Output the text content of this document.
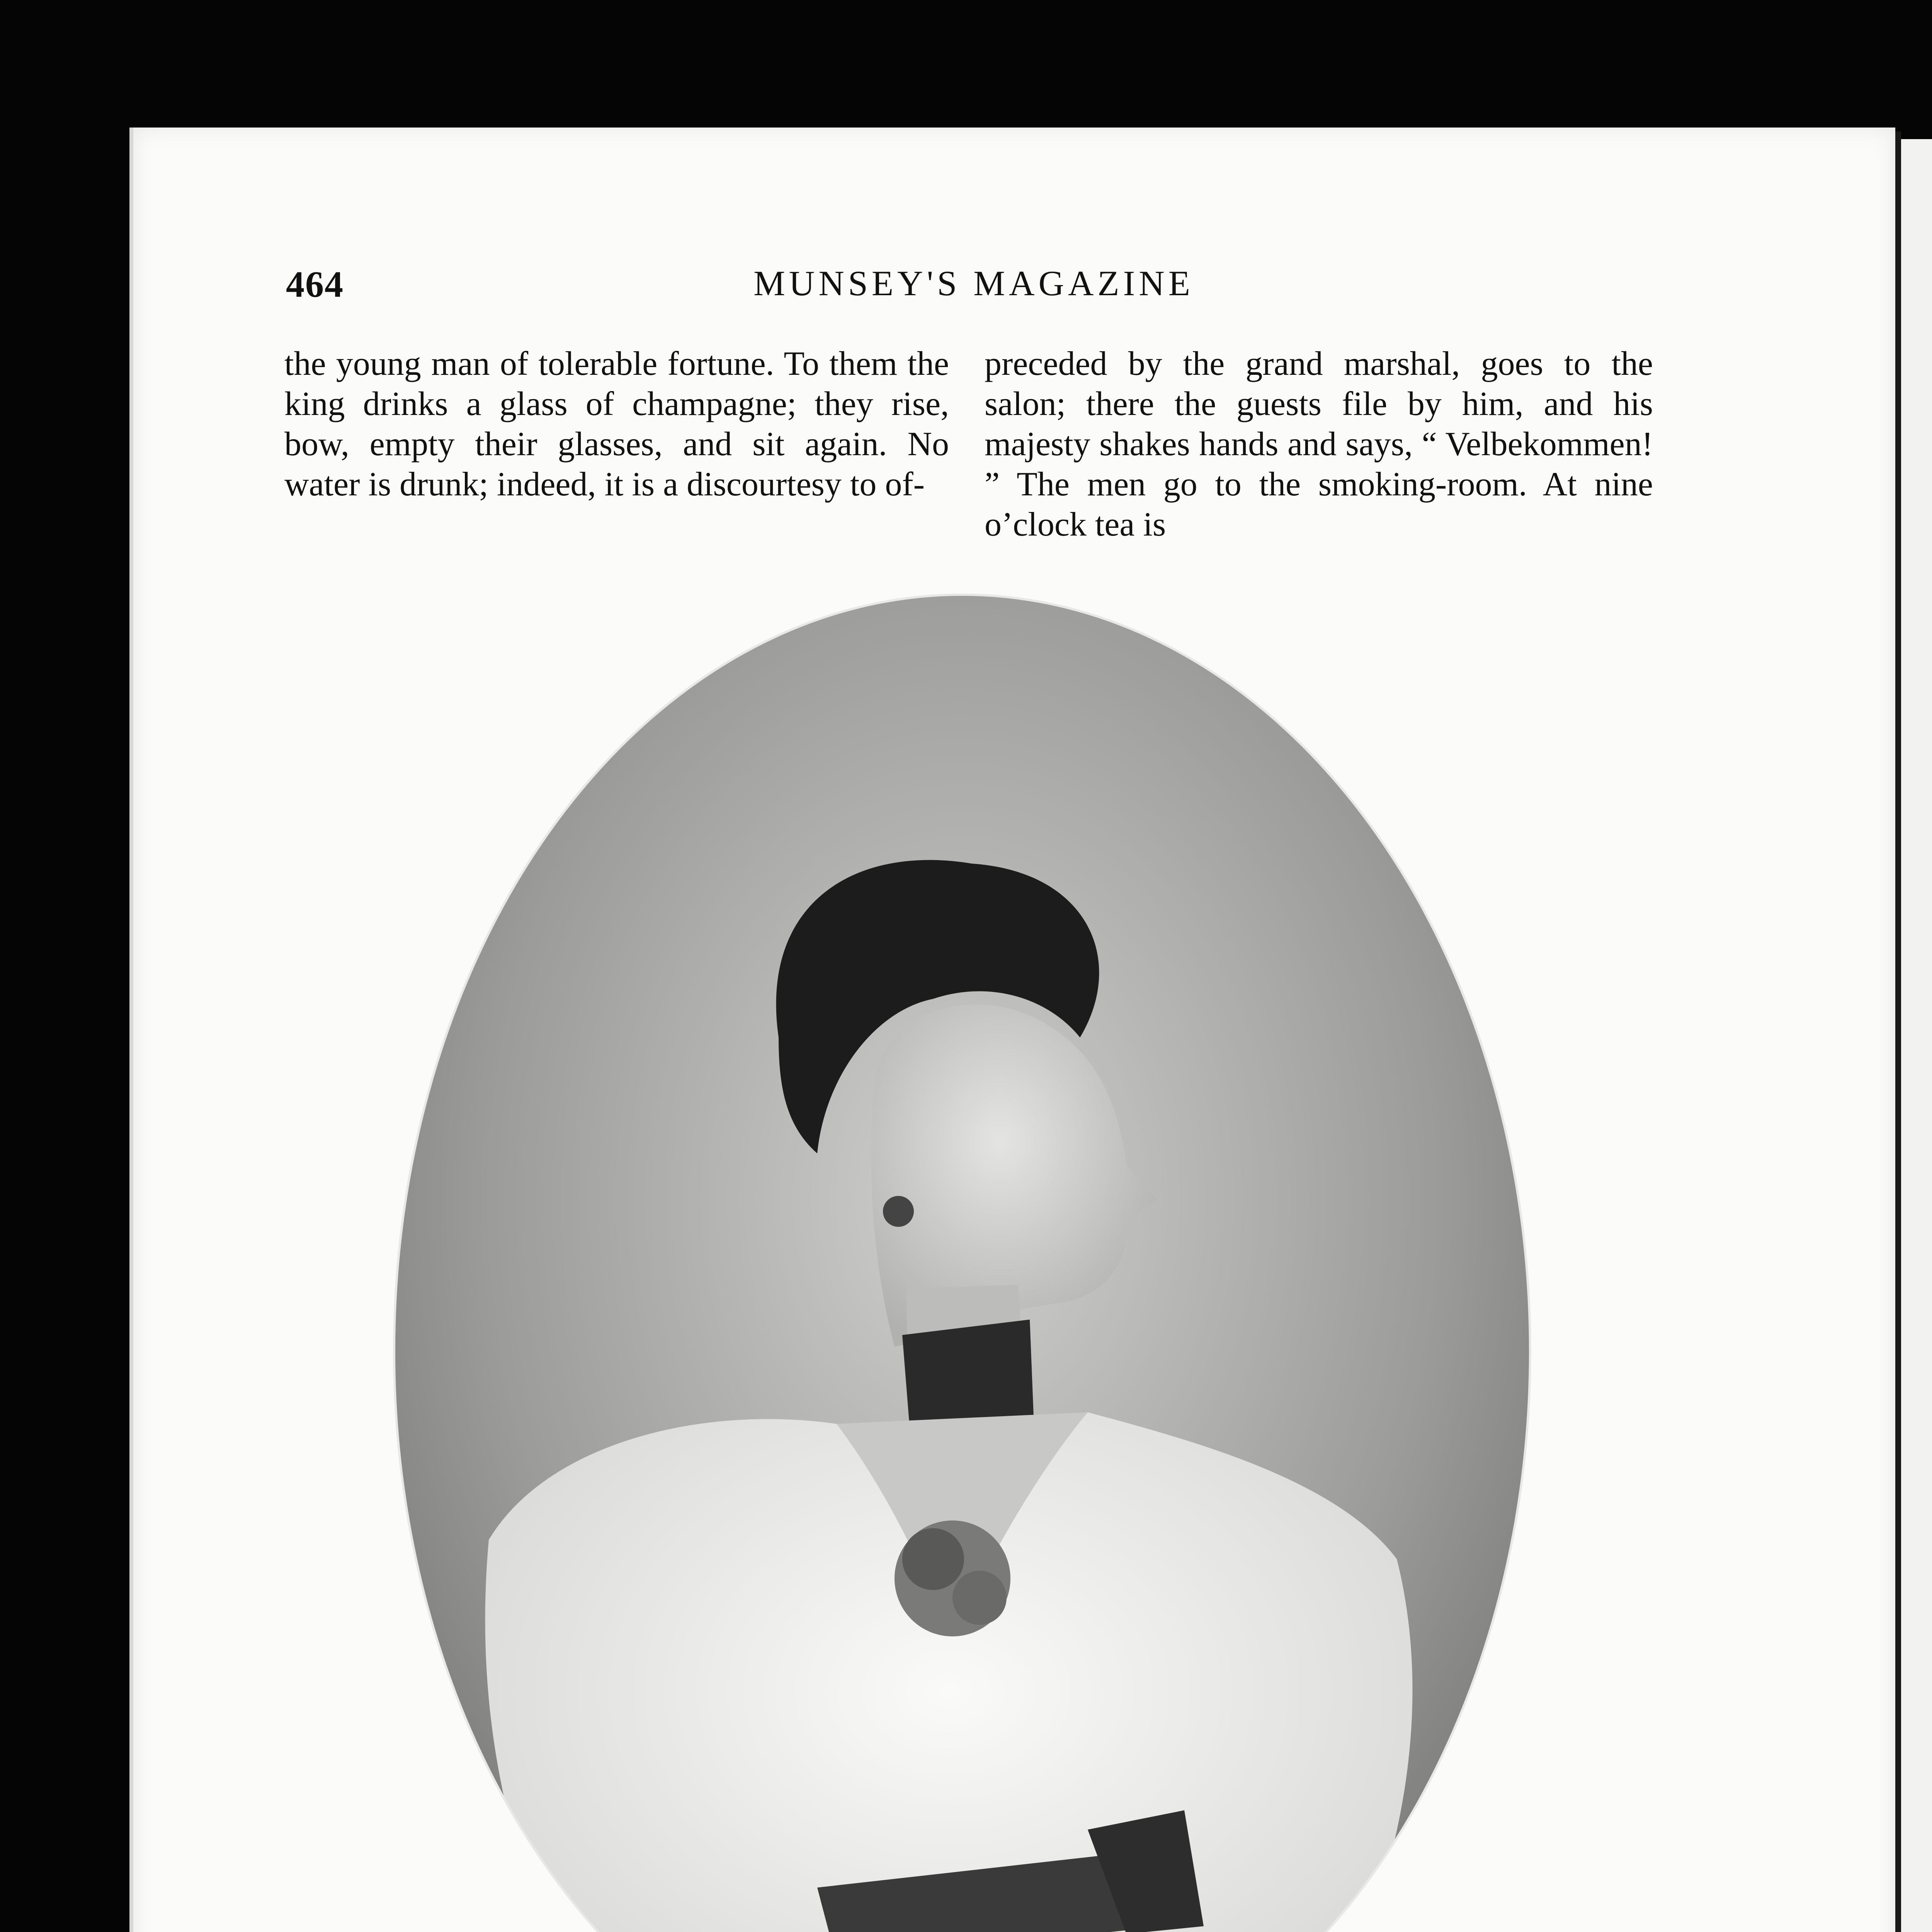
464	MUNSEY'S MAGAZINE

the young man of tolerable fortune. To them the king drinks a glass of champagne; they rise, bow, empty their glasses, and sit again. No water is drunk; indeed, it is a discourtesy to of-

preceded by the grand marshal, goes to the salon; there the guests file by him, and his majesty shakes hands and says, “ Velbekommen! ” The men go to the smoking-room. At nine o’clock tea is
